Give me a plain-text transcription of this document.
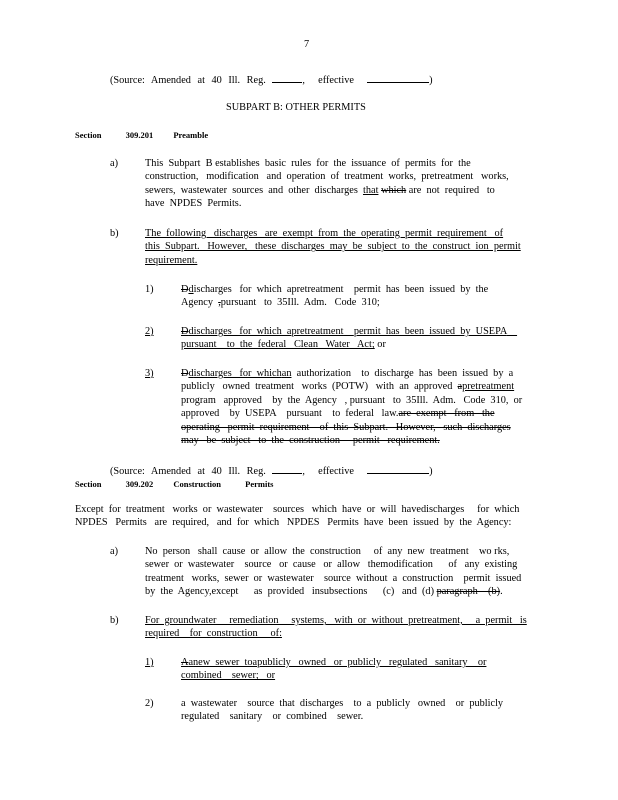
7
(Source: Amended at 40 Ill. Reg.	, effective	)
SUBPART B: OTHER PERMITS
Section	309.201 Preamble
a)	This  Subpart  B establishes  basic  rules  for  the  issuance  of  permits  for  the
construction,   modification   and  operation  of  treatment  works,  pretreatment   works,
sewers,  wastewater  sources  and  other  discharges that which are  not  required   to
have  NPDES  Permits.
b)	The  following   discharges   are  exempt  from  the  operating  permit  requirement   of
this  Subpart.   However,   these  discharges  may  be  subject  to  the  construct  ion  permit
requirement.
1)	Ddischarges   for  which  apretreatment permit  has  been  issued  by  the
Agency ,pursuant   to  35Ill.  Adm.   Code  310;
2)	Ddischarges   for  which  apretreatment permit  has  been  issued  by  USEPA
pursuant    to  the  federal   Clean   Water   Act; or
3)	Ddischarges   for  whichan authorization    to  discharge  has  been  issued  by  a
publicly   owned  treatment   works  (POTW)   with  an  approved apretreatment
program   approved    by  the  Agency   , pursuant   to  35Ill.  Adm.   Code  310,  or
approved    by  USEPA    pursuant    to  federal   law.are  exempt   from   the
operating   permit  requirement    of  this  Subpart.   However,   such  discharges
may   be  subject   to  the  construction     permit   requirement.
(Source: Amended at 40 Ill. Reg.	, effective	)
Section	309.202 Construction	Permits
Except  for  treatment   works  or  wastewater    sources   which  have  or  will  havedischarges     for  which
NPDES   Permits   are  required,   and  for  which   NPDES   Permits  have  been  issued  by  the  Agency:
a)	No  person   shall  cause  or  allow  the  construction     of  any  new  treatment    wo rks,
sewer  or  wastewater    source   or  cause   or  allow   themodification      of   any  existing
treatment   works,  sewer  or  wastewater    source  without  a  construction    permit  issued
by  the  Agency,except      as  provided   insubsections      (c)   and  (d) paragraph    (b).
b)	For  groundwater     remediation     systems,   with  or  without  pretreatment,     a  permit   is
required    for  construction     of:
1)	Aanew  sewer  toapublicly   owned   or  publicly   regulated   sanitary    or
combined    sewer;   or
2)	a  wastewater    source  that  discharges    to  a  publicly   owned    or  publicly
regulated    sanitary    or  combined    sewer.
